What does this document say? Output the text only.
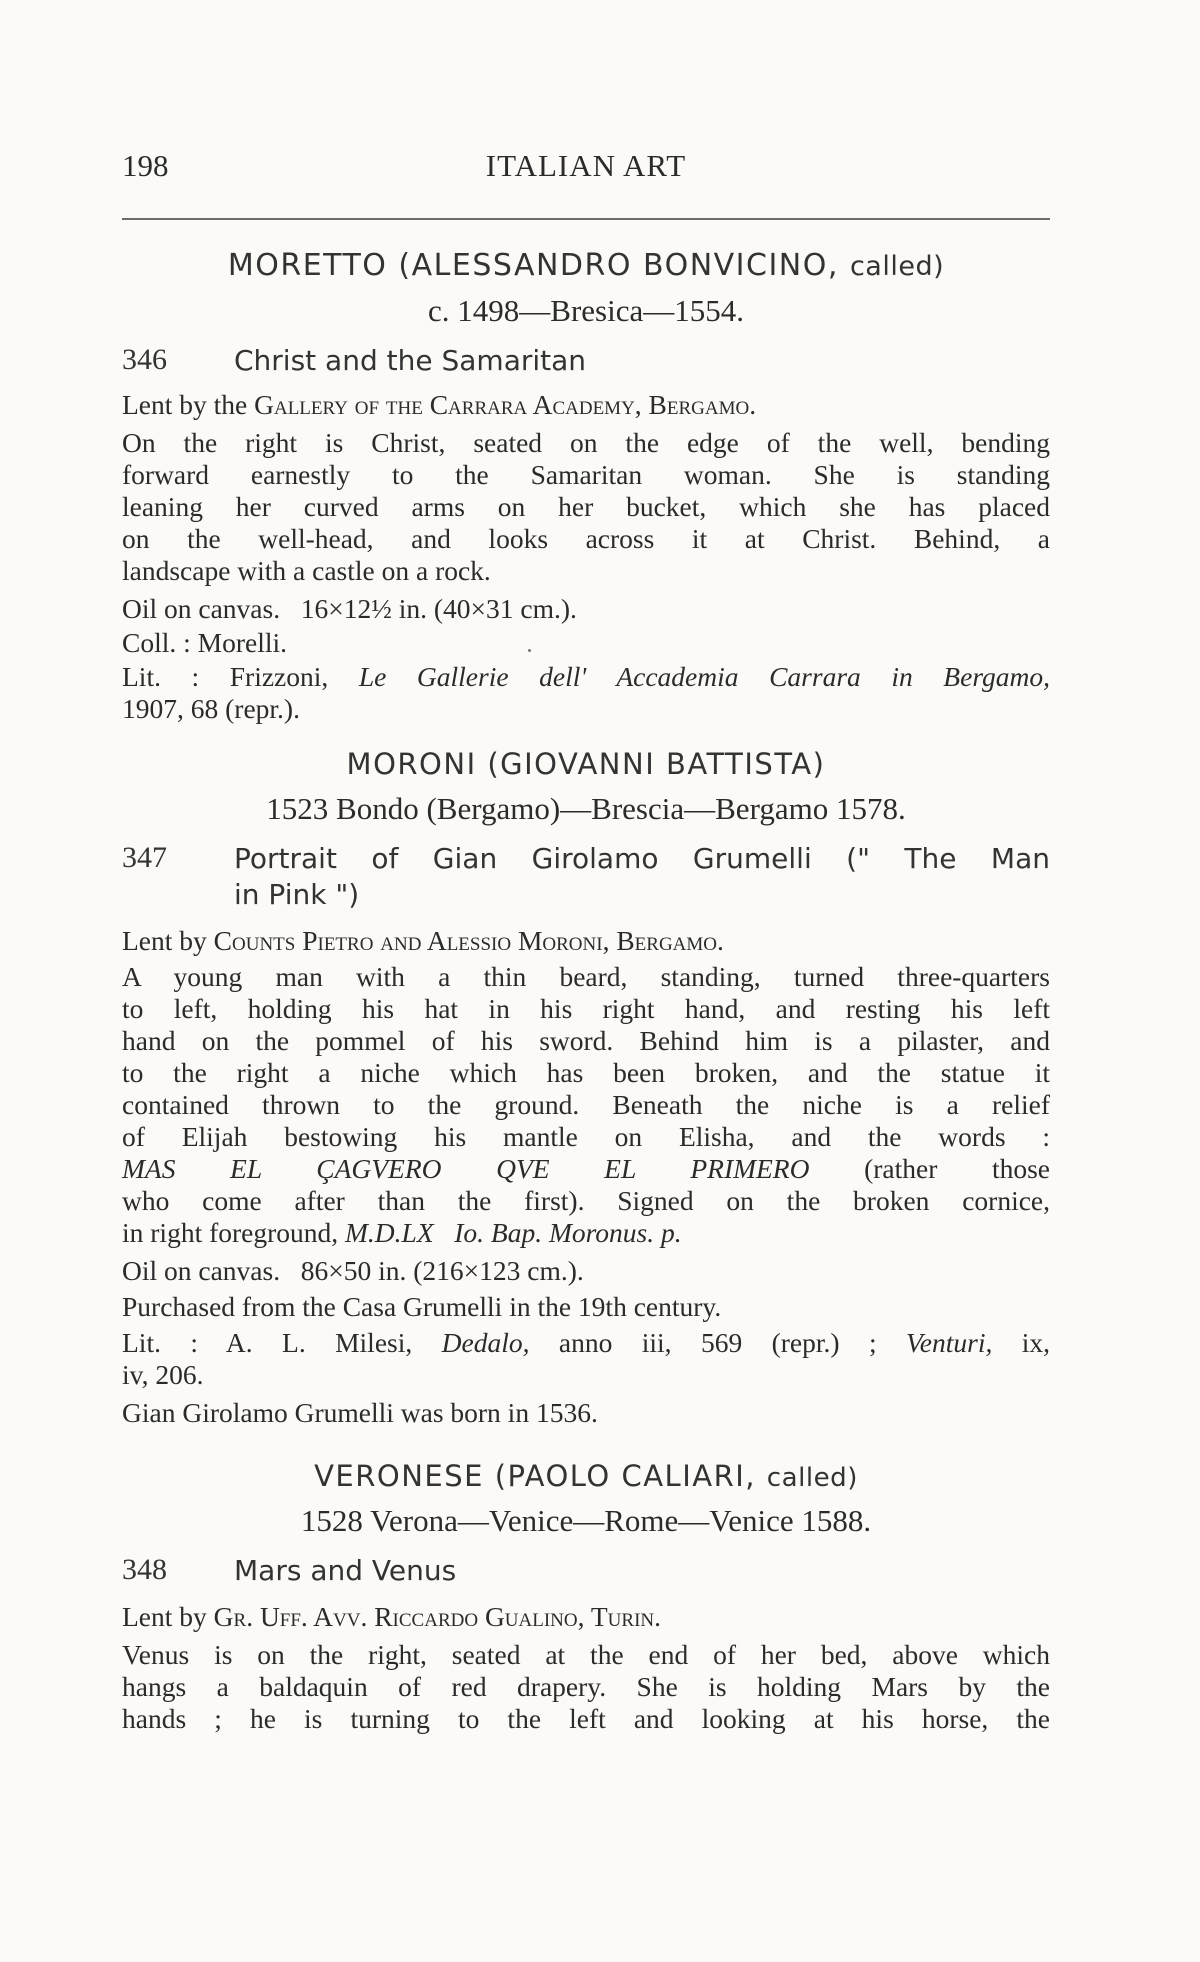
198	ITALIAN ART
MORETTO (ALESSANDRO BONVICINO, called)
c. 1498—Bresica—1554.
346	Christ and the Samaritan
Lent by the Gallery of the Carrara Academy, Bergamo.
On the right is Christ, seated on the edge of the well, bending
forward earnestly to the Samaritan woman. She is standing
leaning her curved arms on her bucket, which she has placed
on the well-head, and looks across it at Christ. Behind, a
landscape with a castle on a rock.
Oil on canvas. 16×12½ in. (40×31 cm.).
Coll. : Morelli.
Lit. : Frizzoni, Le Gallerie dell' Accademia Carrara in Bergamo,
1907, 68 (repr.).
MORONI (GIOVANNI BATTISTA)
1523 Bondo (Bergamo)—Brescia—Bergamo 1578.
347	Portrait of Gian Girolamo Grumelli (" The Man
in Pink ")
Lent by Counts Pietro and Alessio Moroni, Bergamo.
A young man with a thin beard, standing, turned three-quarters
to left, holding his hat in his right hand, and resting his left
hand on the pommel of his sword. Behind him is a pilaster, and
to the right a niche which has been broken, and the statue it
contained thrown to the ground. Beneath the niche is a relief
of Elijah bestowing his mantle on Elisha, and the words :
MAS EL ÇAGVERO QVE EL PRIMERO (rather those
who come after than the first). Signed on the broken cornice,
in right foreground, M.D.LX   Io. Bap. Moronus. p.
Oil on canvas. 86×50 in. (216×123 cm.).
Purchased from the Casa Grumelli in the 19th century.
Lit. : A. L. Milesi, Dedalo, anno iii, 569 (repr.) ; Venturi, ix,
iv, 206.
Gian Girolamo Grumelli was born in 1536.
VERONESE (PAOLO CALIARI, called)
1528 Verona—Venice—Rome—Venice 1588.
348	Mars and Venus
Lent by Gr. Uff. Avv. Riccardo Gualino, Turin.
Venus is on the right, seated at the end of her bed, above which
hangs a baldaquin of red drapery. She is holding Mars by the
hands ; he is turning to the left and looking at his horse, the
